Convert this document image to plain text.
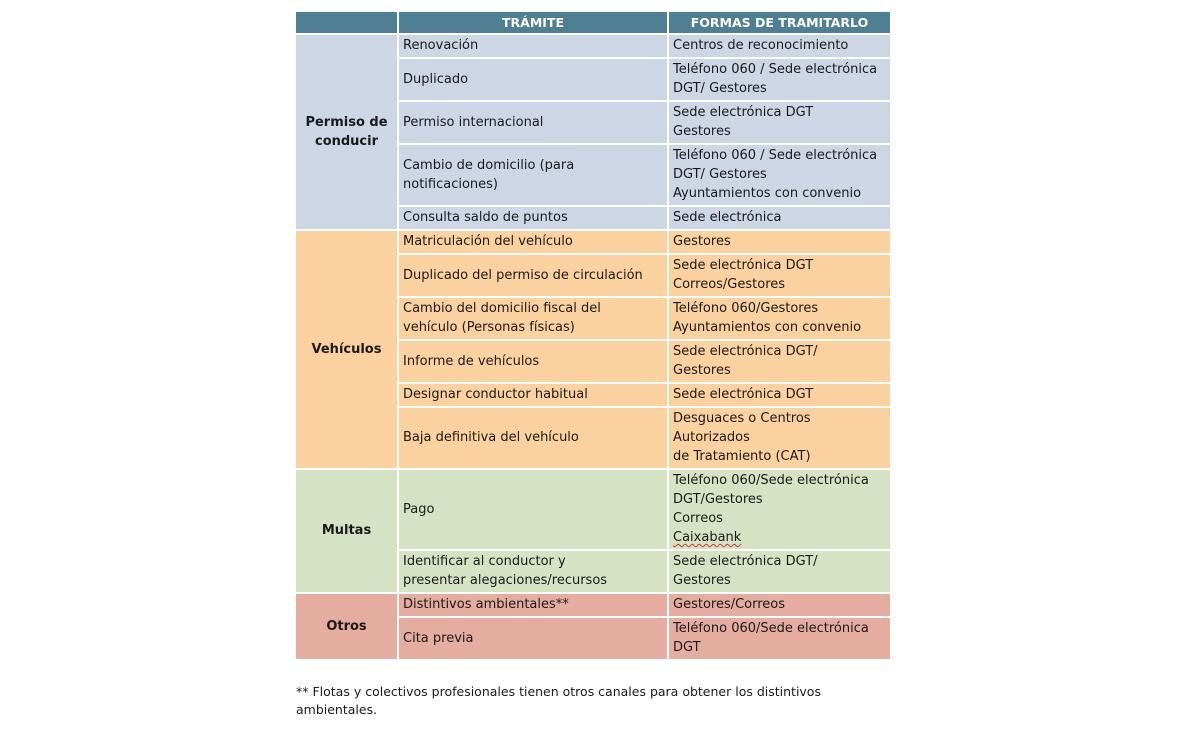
	TRÁMITE	FORMAS DE TRAMITARLO

Permiso de
conducir	Renovación	Centros de reconocimiento

	Duplicado	Teléfono 060 / Sede electrónica
DGT/ Gestores

	Permiso internacional	Sede electrónica DGT
Gestores

	Cambio de domicilio (para
notificaciones)	Teléfono 060 / Sede electrónica
DGT/ Gestores
Ayuntamientos con convenio

	Consulta saldo de puntos	Sede electrónica

Vehículos	Matriculación del vehículo	Gestores

	Duplicado del permiso de circulación	Sede electrónica DGT
Correos/Gestores

	Cambio del domicilio fiscal del
vehículo (Personas físicas)	Teléfono 060/Gestores
Ayuntamientos con convenio

	Informe de vehículos	Sede electrónica DGT/
Gestores

	Designar conductor habitual	Sede electrónica DGT

	Baja definitiva del vehículo	Desguaces o Centros
Autorizados
de Tratamiento (CAT)

Multas	Pago	Teléfono 060/Sede electrónica
DGT/Gestores
Correos
Caixabank

	Identificar al conductor y
presentar alegaciones/recursos	Sede electrónica DGT/
Gestores

Otros	Distintivos ambientales**	Gestores/Correos

	Cita previa	Teléfono 060/Sede electrónica
DGT
** Flotas y colectivos profesionales tienen otros canales para obtener los distintivos ambientales.
